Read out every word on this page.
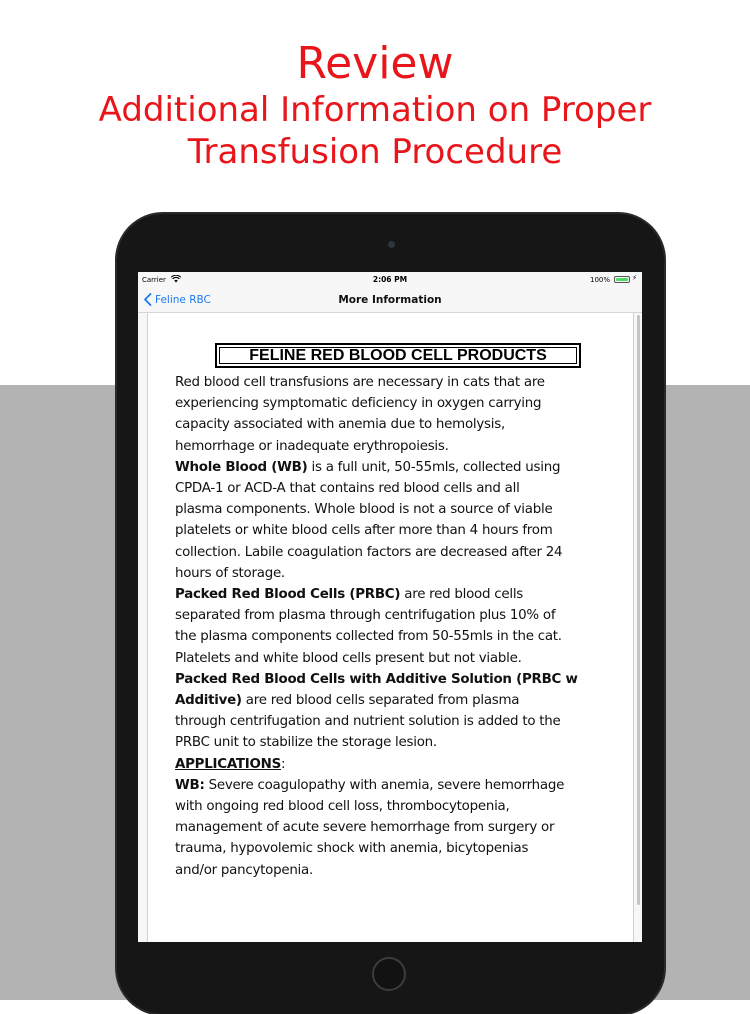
Review
Additional Information on Proper
Transfusion Procedure
Carrier	2:06 PM	100%	⚡
Feline RBC	More Information
FELINE RED BLOOD CELL PRODUCTS
Red blood cell transfusions are necessary in cats that are
experiencing symptomatic deficiency in oxygen carrying
capacity associated with anemia due to hemolysis,
hemorrhage or inadequate erythropoiesis.
Whole Blood (WB) is a full unit, 50-55mls, collected using
CPDA-1 or ACD-A that contains red blood cells and all
plasma components. Whole blood is not a source of viable
platelets or white blood cells after more than 4 hours from
collection. Labile coagulation factors are decreased after 24
hours of storage.
Packed Red Blood Cells (PRBC) are red blood cells
separated from plasma through centrifugation plus 10% of
the plasma components collected from 50-55mls in the cat.
Platelets and white blood cells present but not viable.
Packed Red Blood Cells with Additive Solution (PRBC w
Additive) are red blood cells separated from plasma
through centrifugation and nutrient solution is added to the
PRBC unit to stabilize the storage lesion.
APPLICATIONS:
WB: Severe coagulopathy with anemia, severe hemorrhage
with ongoing red blood cell loss, thrombocytopenia,
management of acute severe hemorrhage from surgery or
trauma, hypovolemic shock with anemia, bicytopenias
and/or pancytopenia.
